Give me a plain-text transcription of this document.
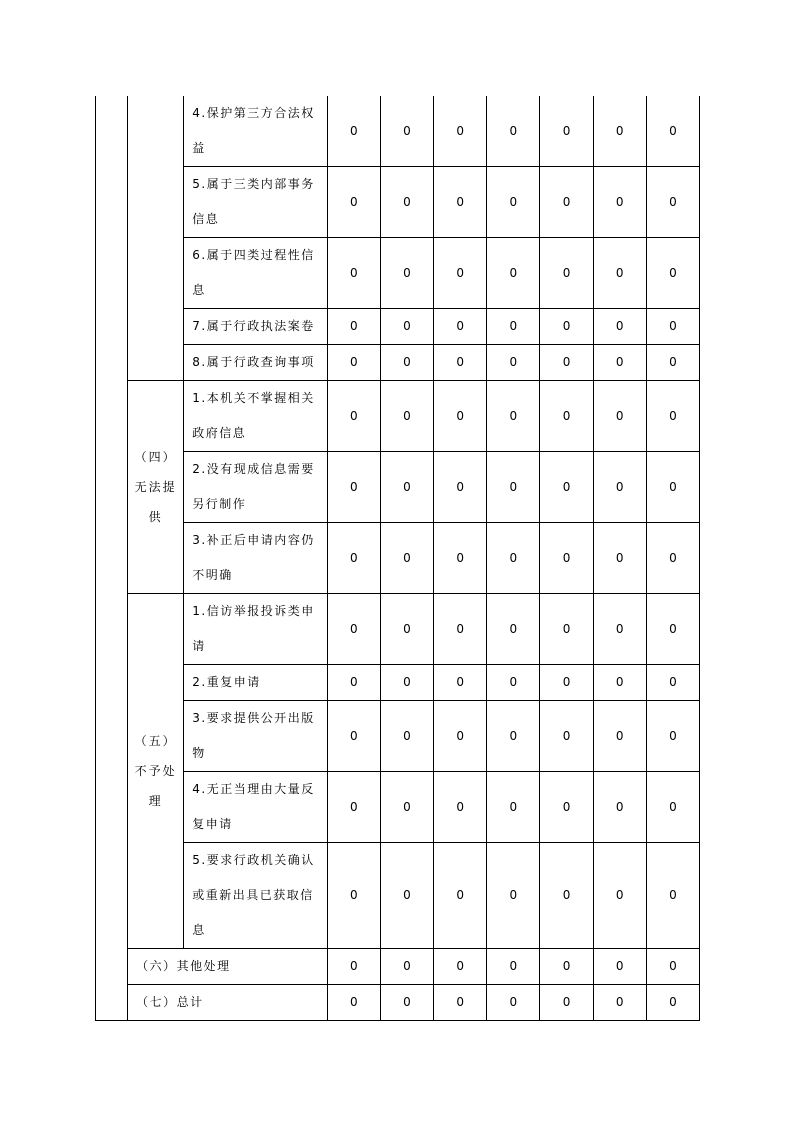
		4.保护第三方合法权益	0	0	0	0	0	0	0
		5.属于三类内部事务信息	0	0	0	0	0	0	0
		6.属于四类过程性信息	0	0	0	0	0	0	0
		7.属于行政执法案卷	0	0	0	0	0	0	0
		8.属于行政查询事项	0	0	0	0	0	0	0
	（四）无法提供	1.本机关不掌握相关政府信息	0	0	0	0	0	0	0
		2.没有现成信息需要另行制作	0	0	0	0	0	0	0
		3.补正后申请内容仍不明确	0	0	0	0	0	0	0
	（五）不予处理	1.信访举报投诉类申请	0	0	0	0	0	0	0
		2.重复申请	0	0	0	0	0	0	0
		3.要求提供公开出版物	0	0	0	0	0	0	0
		4.无正当理由大量反复申请	0	0	0	0	0	0	0
		5.要求行政机关确认或重新出具已获取信息	0	0	0	0	0	0	0
	（六）其他处理		0	0	0	0	0	0	0
	（七）总计		0	0	0	0	0	0	0
